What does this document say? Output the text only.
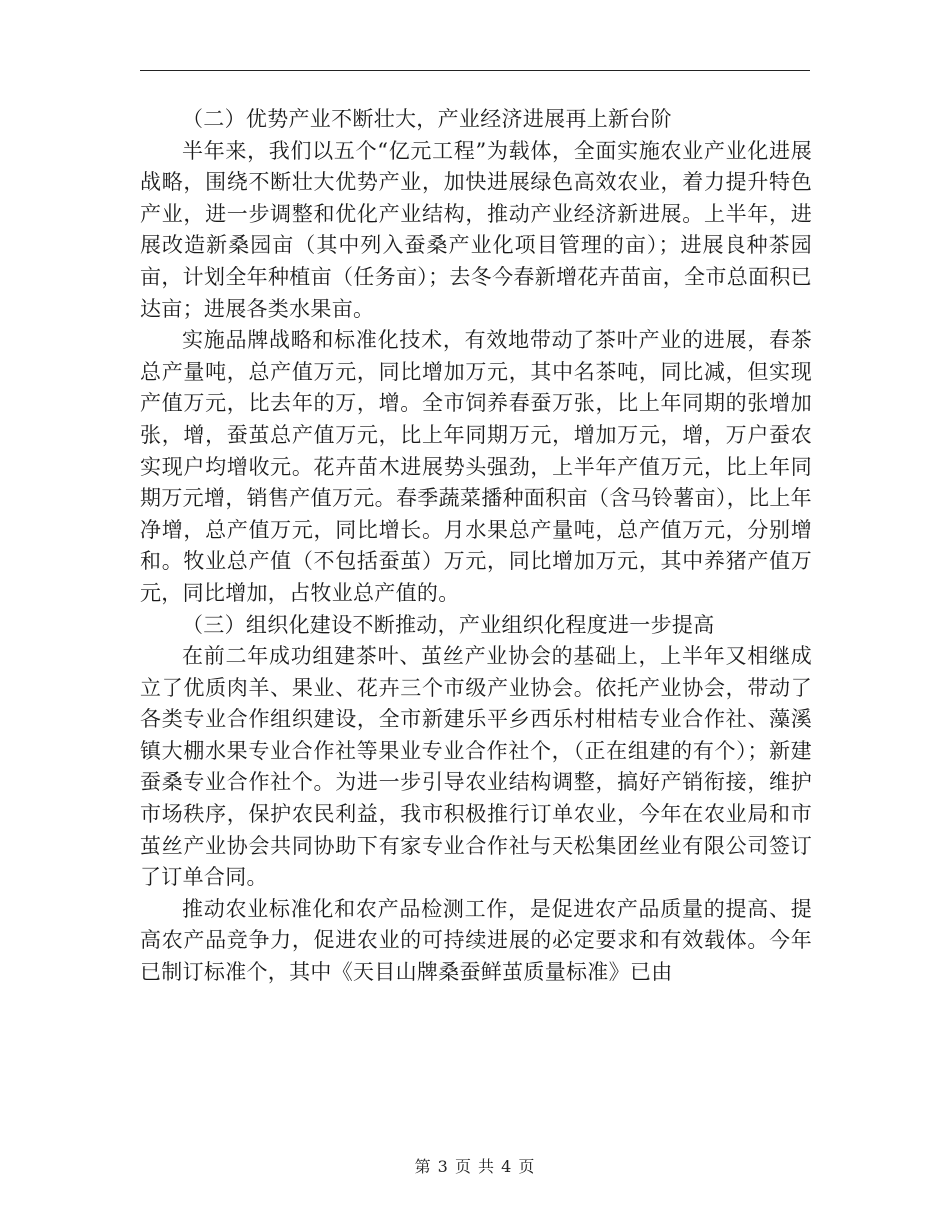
（二）优势产业不断壮大，产业经济进展再上新台阶

半年来，我们以五个“亿元工程”为载体，全面实施农业产业化进展战略，围绕不断壮大优势产业，加快进展绿色高效农业，着力提升特色产业，进一步调整和优化产业结构，推动产业经济新进展。上半年，进展改造新桑园亩（其中列入蚕桑产业化项目管理的亩）；进展良种茶园亩，计划全年种植亩（任务亩）；去冬今春新增花卉苗亩，全市总面积已达亩；进展各类水果亩。

实施品牌战略和标准化技术，有效地带动了茶叶产业的进展，春茶总产量吨，总产值万元，同比增加万元，其中名茶吨，同比减，但实现产值万元，比去年的万，增。全市饲养春蚕万张，比上年同期的张增加张，增，蚕茧总产值万元，比上年同期万元，增加万元，增，万户蚕农实现户均增收元。花卉苗木进展势头强劲，上半年产值万元，比上年同期万元增，销售产值万元。春季蔬菜播种面积亩（含马铃薯亩），比上年净增，总产值万元，同比增长。月水果总产量吨，总产值万元，分别增和。牧业总产值（不包括蚕茧）万元，同比增加万元，其中养猪产值万元，同比增加，占牧业总产值的。

（三）组织化建设不断推动，产业组织化程度进一步提高

在前二年成功组建茶叶、茧丝产业协会的基础上，上半年又相继成立了优质肉羊、果业、花卉三个市级产业协会。依托产业协会，带动了各类专业合作组织建设，全市新建乐平乡西乐村柑桔专业合作社、藻溪镇大棚水果专业合作社等果业专业合作社个，（正在组建的有个）；新建蚕桑专业合作社个。为进一步引导农业结构调整，搞好产销衔接，维护市场秩序，保护农民利益，我市积极推行订单农业，今年在农业局和市茧丝产业协会共同协助下有家专业合作社与天松集团丝业有限公司签订了订单合同。

推动农业标准化和农产品检测工作，是促进农产品质量的提高、提高农产品竞争力，促进农业的可持续进展的必定要求和有效载体。今年已制订标准个，其中《天目山牌桑蚕鲜茧质量标准》已由

第 3 页 共 4 页
